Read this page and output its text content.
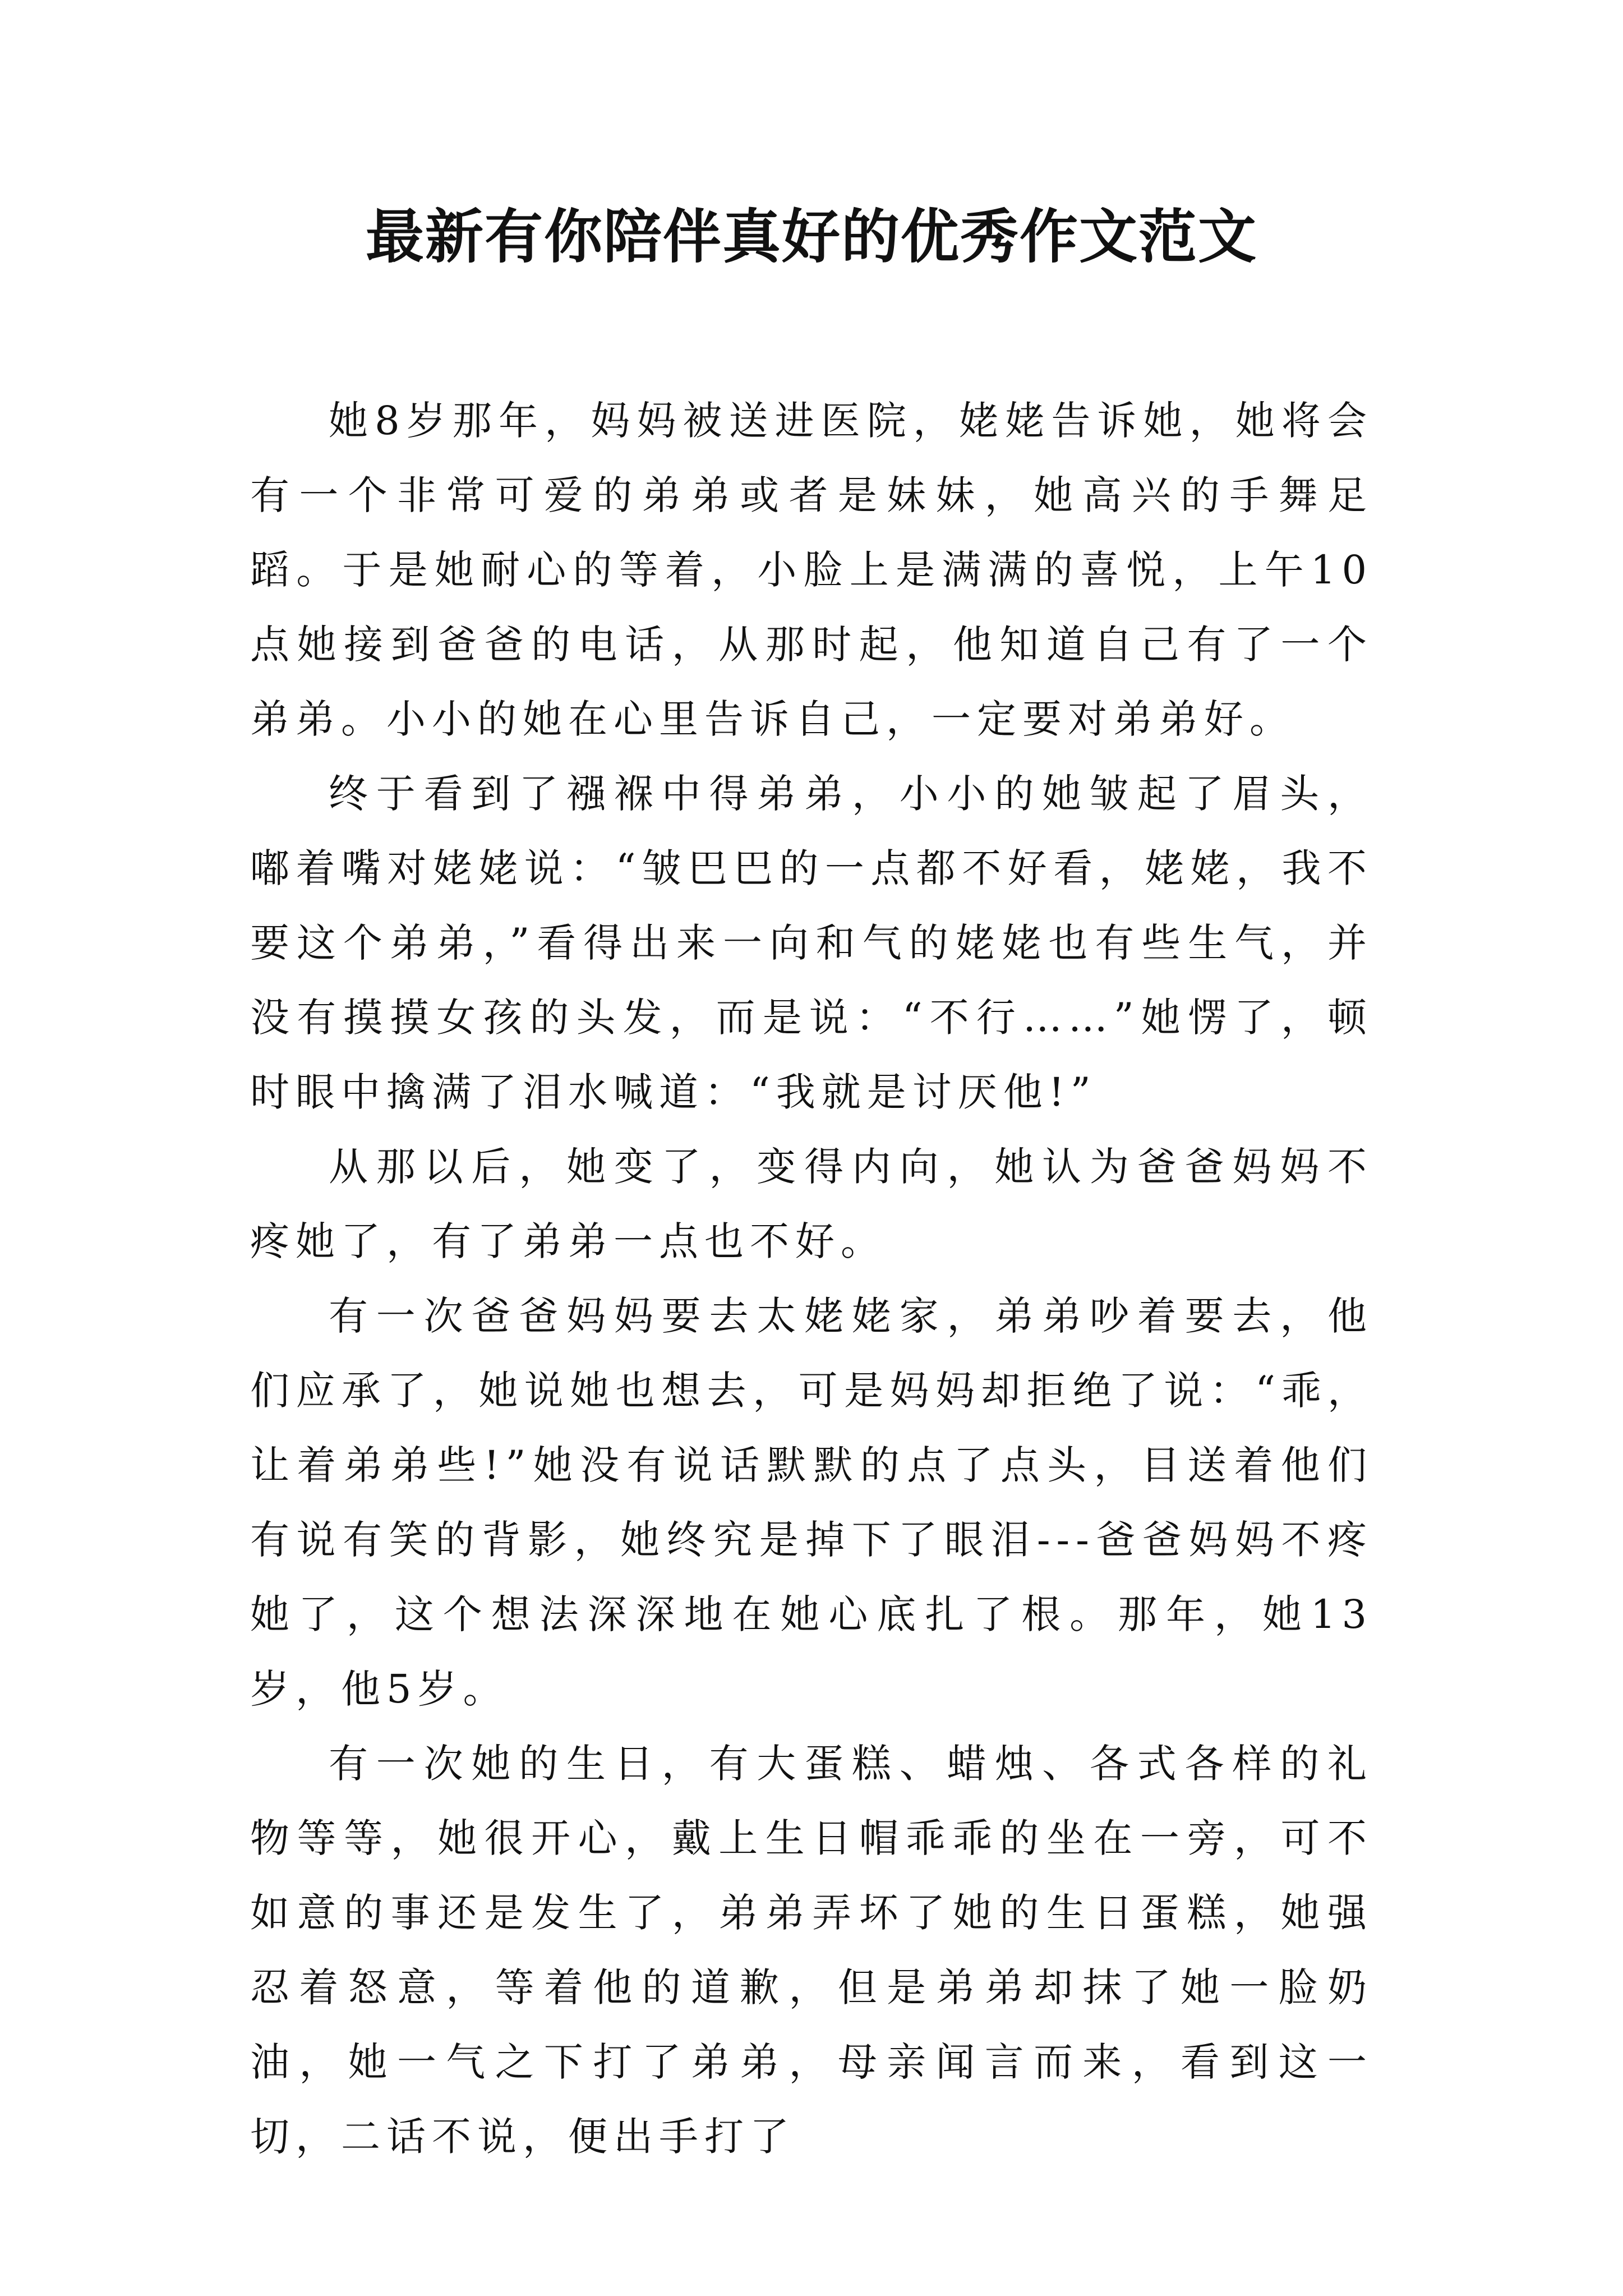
最新有你陪伴真好的优秀作文范文

她8岁那年，妈妈被送进医院，姥姥告诉她，她将会有一个非常可爱的弟弟或者是妹妹，她高兴的手舞足蹈。于是她耐心的等着，小脸上是满满的喜悦，上午10点她接到爸爸的电话，从那时起，他知道自己有了一个弟弟。小小的她在心里告诉自己，一定要对弟弟好。

终于看到了襁褓中得弟弟，小小的她皱起了眉头，嘟着嘴对姥姥说：“皱巴巴的一点都不好看，姥姥，我不要这个弟弟，”看得出来一向和气的姥姥也有些生气，并没有摸摸女孩的头发，而是说：“不行……”她愣了，顿时眼中擒满了泪水喊道：“我就是讨厌他!”

从那以后，她变了，变得内向，她认为爸爸妈妈不疼她了，有了弟弟一点也不好。

有一次爸爸妈妈要去太姥姥家，弟弟吵着要去，他们应承了，她说她也想去，可是妈妈却拒绝了说：“乖，让着弟弟些!”她没有说话默默的点了点头，目送着他们有说有笑的背影，她终究是掉下了眼泪---爸爸妈妈不疼她了，这个想法深深地在她心底扎了根。那年，她13岁，他5岁。

有一次她的生日，有大蛋糕、蜡烛、各式各样的礼物等等，她很开心，戴上生日帽乖乖的坐在一旁，可不如意的事还是发生了，弟弟弄坏了她的生日蛋糕，她强忍着怒意，等着他的道歉，但是弟弟却抹了她一脸奶油，她一气之下打了弟弟，母亲闻言而来，看到这一切，二话不说，便出手打了
